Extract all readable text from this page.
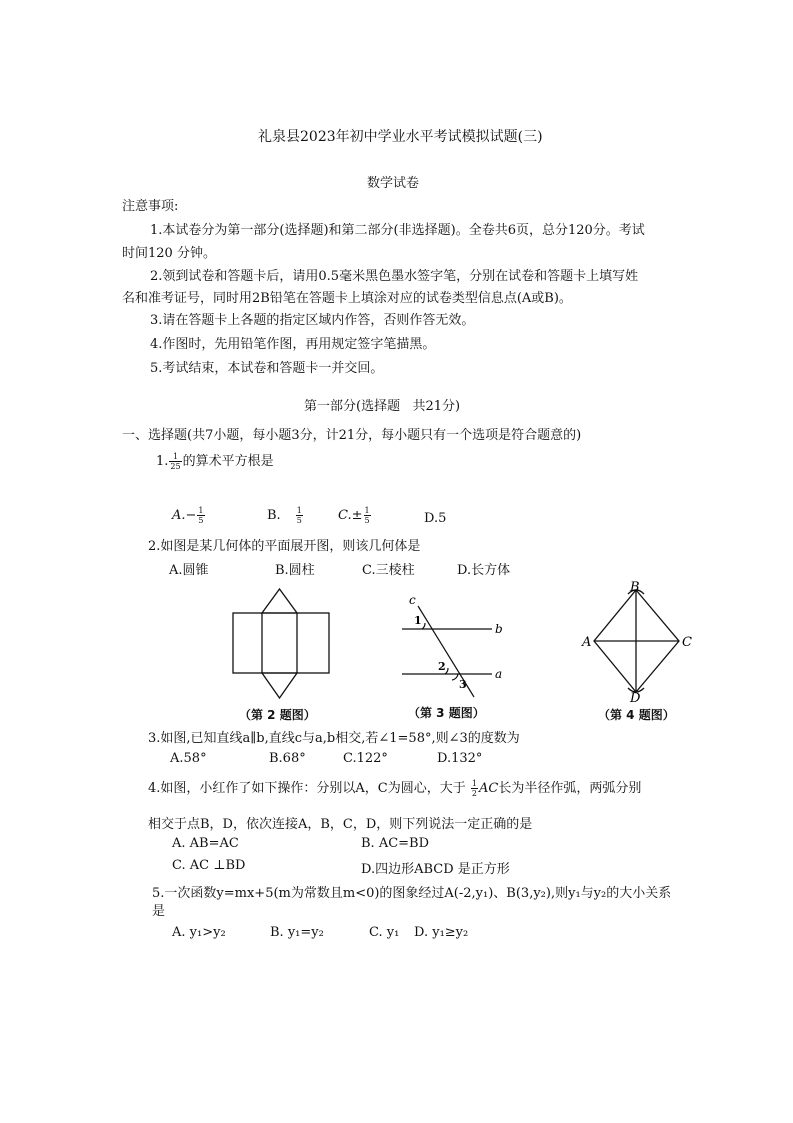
礼泉县2023年初中学业水平考试模拟试题(三)
数学试卷
注意事项:
1.本试卷分为第一部分(选择题)和第二部分(非选择题)。全卷共6页，总分120分。考试
时间120 分钟。
2.领到试卷和答题卡后，请用0.5毫米黑色墨水签字笔，分别在试卷和答题卡上填写姓
名和准考证号，同时用2B铅笔在答题卡上填涂对应的试卷类型信息点(A或B)。
3.请在答题卡上各题的指定区域内作答，否则作答无效。
4.作图时，先用铅笔作图，再用规定签字笔描黑。
5.考试结束，本试卷和答题卡一并交回。
第一部分(选择题   共21分)
一、选择题(共7小题，每小题3分，计21分，每小题只有一个选项是符合题意的)
1. $\frac{1}{25}$ 的算术平方根是
$A.- \frac{1}{5}$	B. $\frac{1}{5}$	$C.\pm \frac{1}{5}$	D.5
2.如图是某几何体的平面展开图，则该几何体是
A.圆锥	B.圆柱	C.三棱柱	D.长方体
（第 2 题图）
c
b
a
1
2
3
（第 3 题图）
B
A	C
D
（第 4 题图）
3.如图,已知直线a∥b,直线c与a,b相交,若∠1=58°,则∠3的度数为
A.58°	B.68°	C.122°	D.132°
4.如图，小红作了如下操作：分别以A，C为圆心，大于 $\frac{1}{2}$ AC长为半径作弧，两弧分别
相交于点B，D，依次连接A，B，C，D，则下列说法一定正确的是
A. AB=AC	B. AC=BD
C. AC ⊥BD	D.四边形ABCD 是正方形
5.一次函数y=mx+5(m为常数且m<0)的图象经过A(-2,y₁)、B(3,y₂),则y₁与y₂的大小关系
是
A. y₁>y₂	B. y₁=y₂	C. y₁ D. y₁≥y₂
